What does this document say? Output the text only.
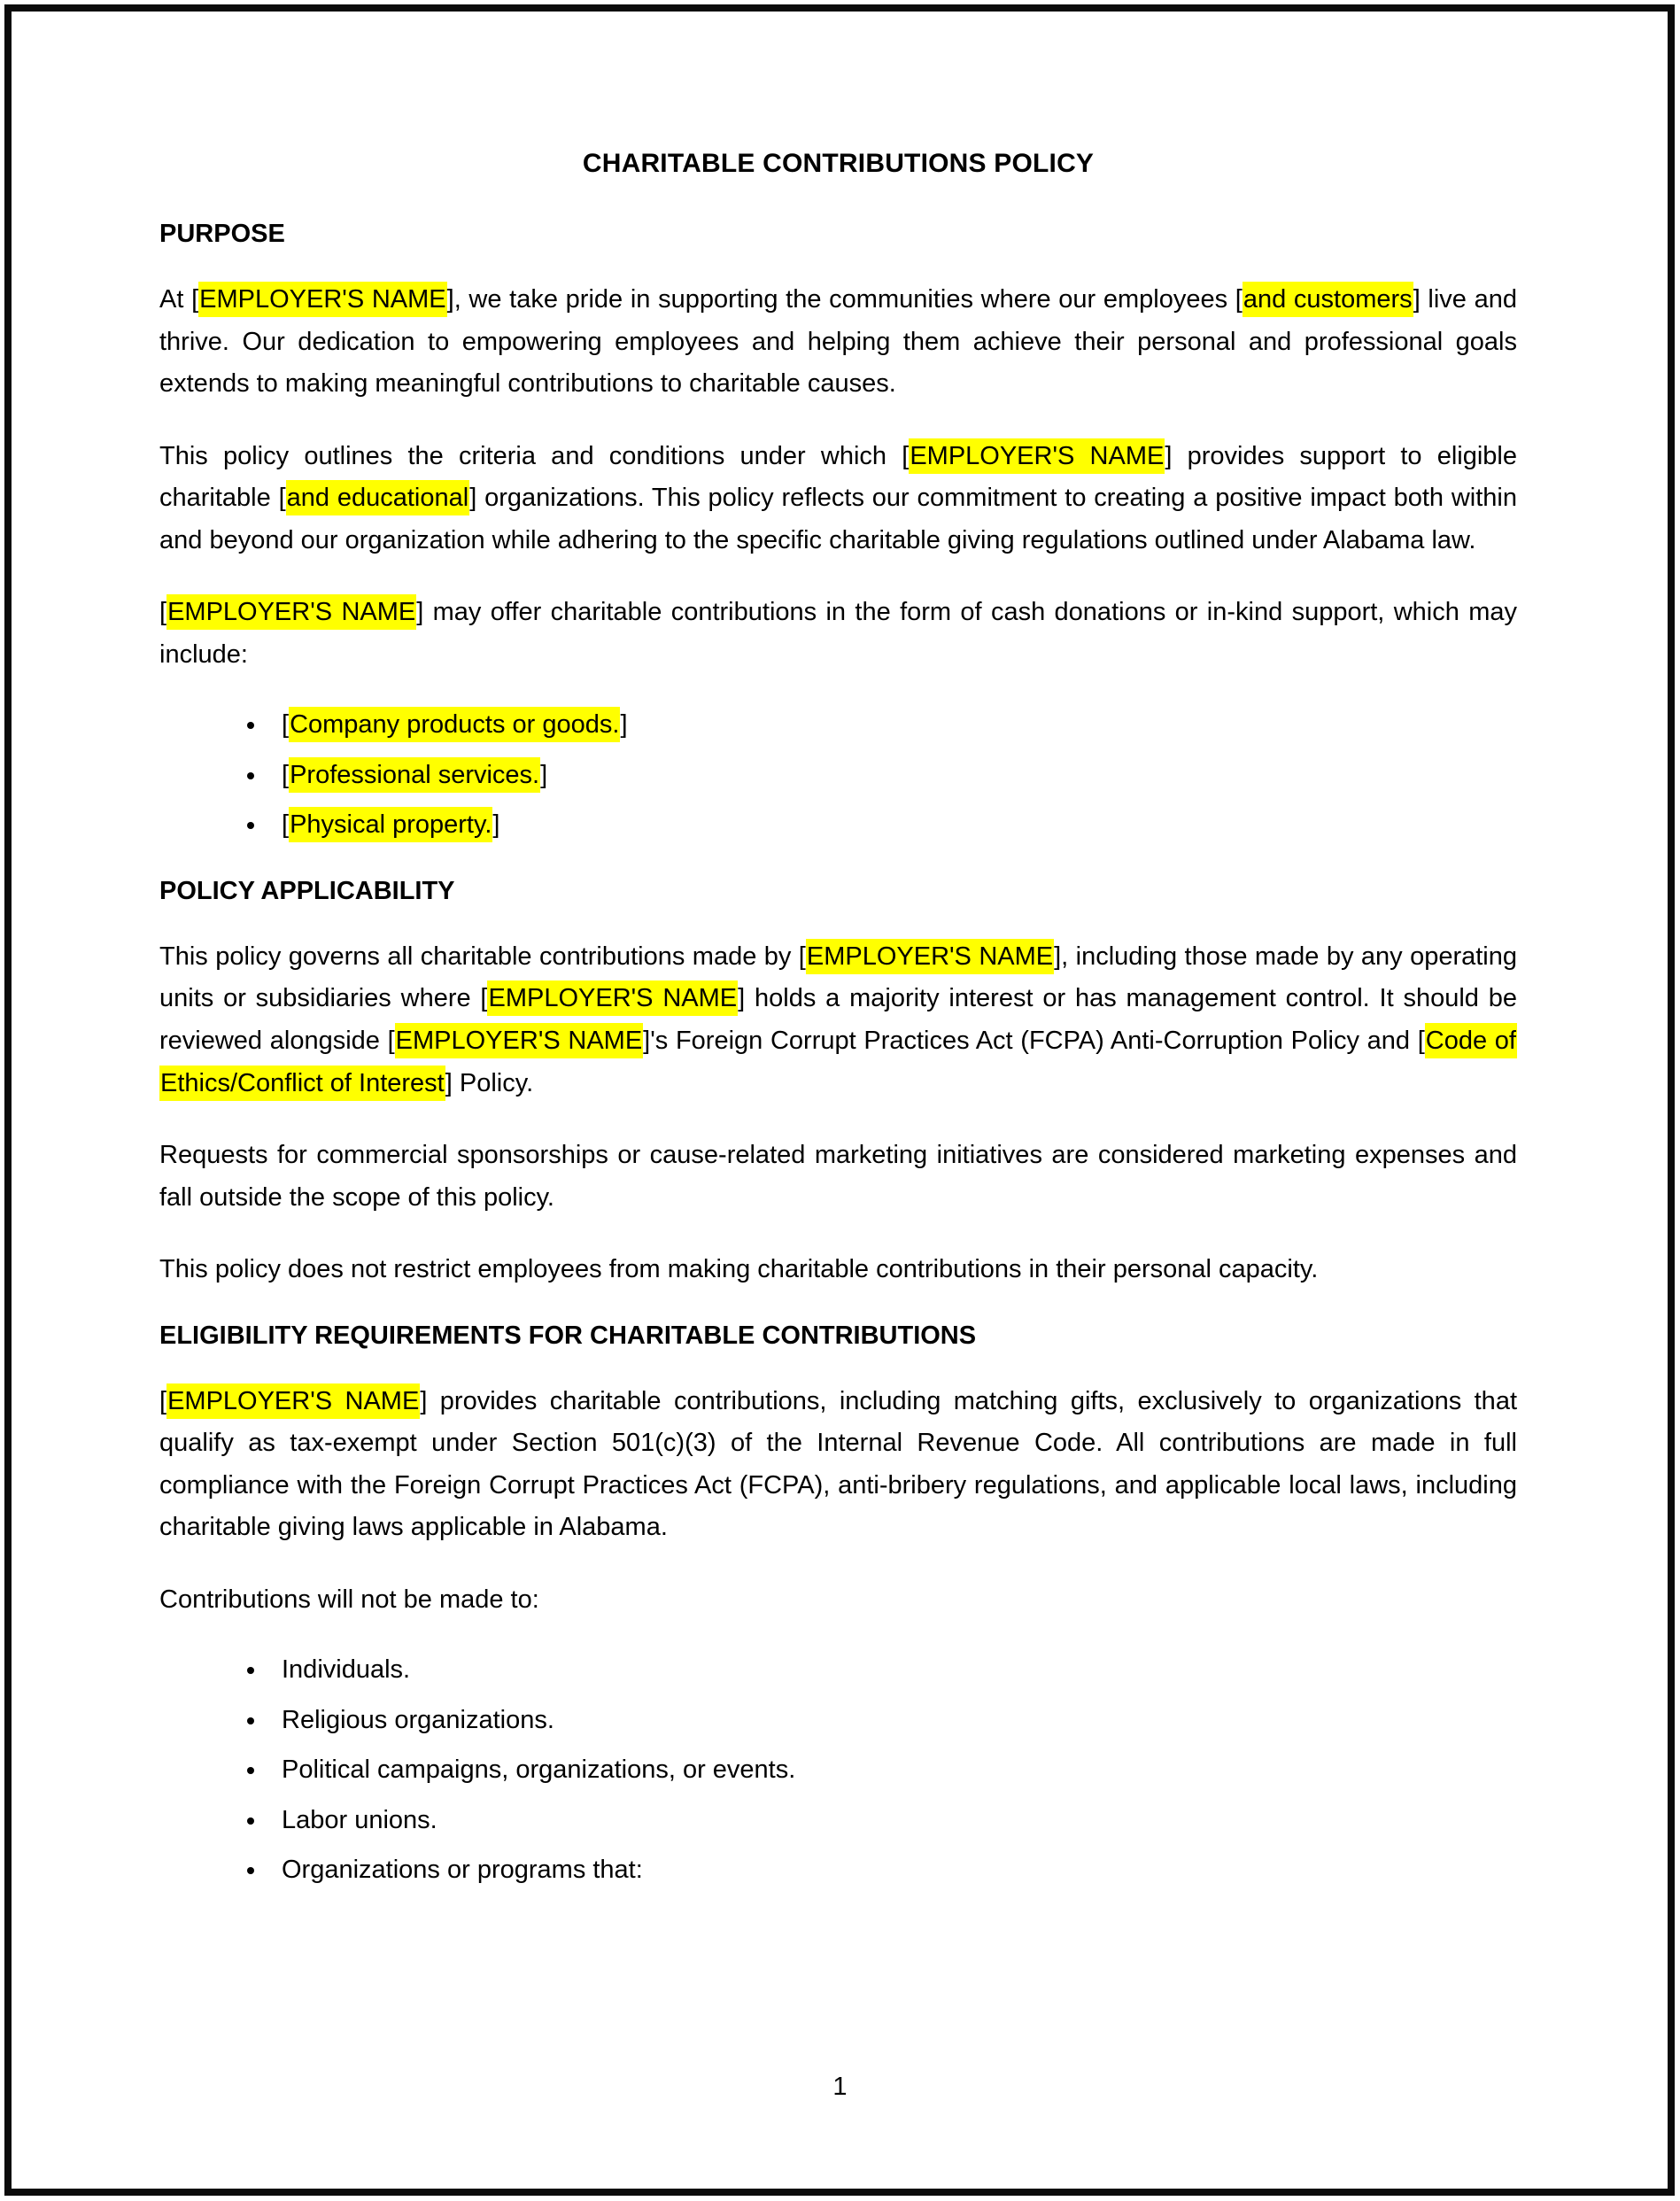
CHARITABLE CONTRIBUTIONS POLICY
PURPOSE

At [EMPLOYER'S NAME], we take pride in supporting the communities where our employees [and customers] live and thrive. Our dedication to empowering employees and helping them achieve their personal and professional goals extends to making meaningful contributions to charitable causes.

This policy outlines the criteria and conditions under which [EMPLOYER'S NAME] provides support to eligible charitable [and educational] organizations. This policy reflects our commitment to creating a positive impact both within and beyond our organization while adhering to the specific charitable giving regulations outlined under Alabama law.

[EMPLOYER'S NAME] may offer charitable contributions in the form of cash donations or in-kind support, which may include:

• [Company products or goods.]
• [Professional services.]
• [Physical property.]
POLICY APPLICABILITY

This policy governs all charitable contributions made by [EMPLOYER'S NAME], including those made by any operating units or subsidiaries where [EMPLOYER'S NAME] holds a majority interest or has management control. It should be reviewed alongside [EMPLOYER'S NAME]'s Foreign Corrupt Practices Act (FCPA) Anti-Corruption Policy and [Code of Ethics/Conflict of Interest] Policy.

Requests for commercial sponsorships or cause-related marketing initiatives are considered marketing expenses and fall outside the scope of this policy.

This policy does not restrict employees from making charitable contributions in their personal capacity.

ELIGIBILITY REQUIREMENTS FOR CHARITABLE CONTRIBUTIONS

[EMPLOYER'S NAME] provides charitable contributions, including matching gifts, exclusively to organizations that qualify as tax-exempt under Section 501(c)(3) of the Internal Revenue Code. All contributions are made in full compliance with the Foreign Corrupt Practices Act (FCPA), anti-bribery regulations, and applicable local laws, including charitable giving laws applicable in Alabama.

Contributions will not be made to:

• Individuals.
• Religious organizations.
• Political campaigns, organizations, or events.
• Labor unions.
• Organizations or programs that:
1
